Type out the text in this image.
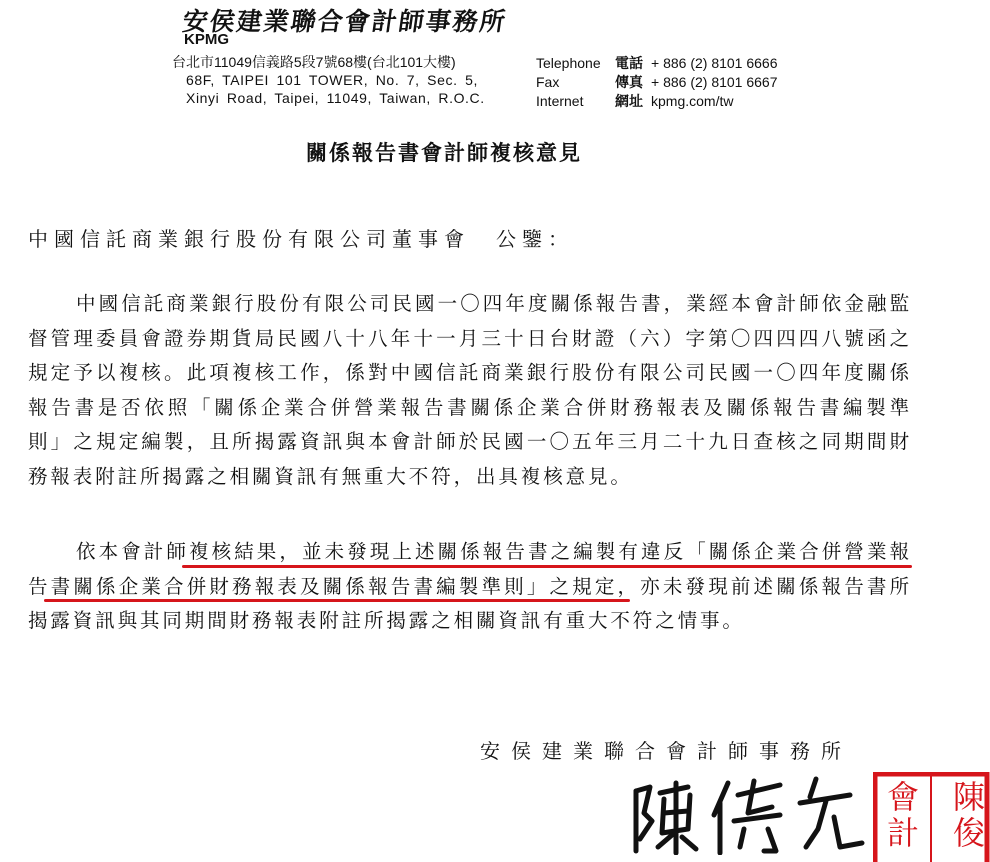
安侯建業聯合會計師事務所
KPMG
台北市11049信義路5段7號68樓(台北101大樓)
68F, TAIPEI 101 TOWER, No. 7, Sec. 5,
Xinyi Road, Taipei, 11049, Taiwan, R.O.C.
Telephone	電話	+ 886 (2) 8101 6666
Fax	傳真	+ 886 (2) 8101 6667
Internet	網址	kpmg.com/tw
關係報告書會計師複核意見
中國信託商業銀行股份有限公司董事會　公鑒：

中國信託商業銀行股份有限公司民國一〇四年度關係報告書，業經本會計師依金融監督管理委員會證券期貨局民國八十八年十一月三十日台財證（六）字第〇四四四八號函之規定予以複核。此項複核工作，係對中國信託商業銀行股份有限公司民國一〇四年度關係報告書是否依照「關係企業合併營業報告書關係企業合併財務報表及關係報告書編製準則」之規定編製，且所揭露資訊與本會計師於民國一〇五年三月二十九日查核之同期間財務報表附註所揭露之相關資訊有無重大不符，出具複核意見。

依本會計師複核結果，並未發現上述關係報告書之編製有違反「關係企業合併營業報告書關係企業合併財務報表及關係報告書編製準則」之規定，亦未發現前述關係報告書所揭露資訊與其同期間財務報表附註所揭露之相關資訊有重大不符之情事。

安侯建業聯合會計師事務所
陳
俊
會
計
